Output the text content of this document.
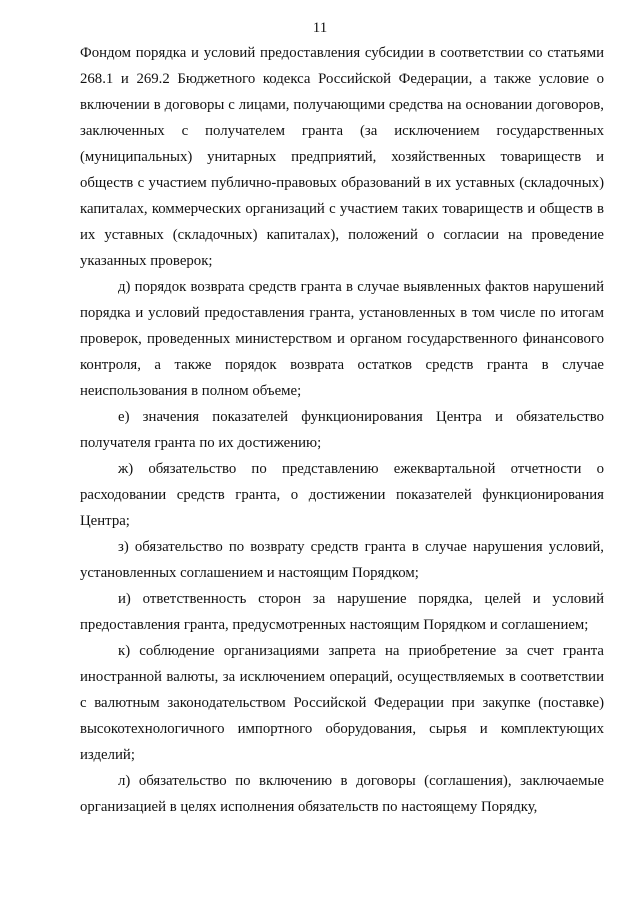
11

Фондом порядка и условий предоставления субсидии в соответствии со статьями 268.1 и 269.2 Бюджетного кодекса Российской Федерации, а также условие о включении в договоры с лицами, получающими средства на основании договоров, заключенных с получателем гранта (за исключением государственных (муниципальных) унитарных предприятий, хозяйственных товариществ и обществ с участием публично-правовых образований в их уставных (складочных) капиталах, коммерческих организаций с участием таких товариществ и обществ в их уставных (складочных) капиталах), положений о согласии на проведение указанных проверок;

д) порядок возврата средств гранта в случае выявленных фактов нарушений порядка и условий предоставления гранта, установленных в том числе по итогам проверок, проведенных министерством и органом государственного финансового контроля, а также порядок возврата остатков средств гранта в случае неиспользования в полном объеме;

е) значения показателей функционирования Центра и обязательство получателя гранта по их достижению;

ж) обязательство по представлению ежеквартальной отчетности о расходовании средств гранта, о достижении показателей функционирования Центра;

з) обязательство по возврату средств гранта в случае нарушения условий, установленных соглашением и настоящим Порядком;

и) ответственность сторон за нарушение порядка, целей и условий предоставления гранта, предусмотренных настоящим Порядком и соглашением;

к) соблюдение организациями запрета на приобретение за счет гранта иностранной валюты, за исключением операций, осуществляемых в соответствии с валютным законодательством Российской Федерации при закупке (поставке) высокотехнологичного импортного оборудования, сырья и комплектующих изделий;

л) обязательство по включению в договоры (соглашения), заключаемые организацией в целях исполнения обязательств по настоящему Порядку,
